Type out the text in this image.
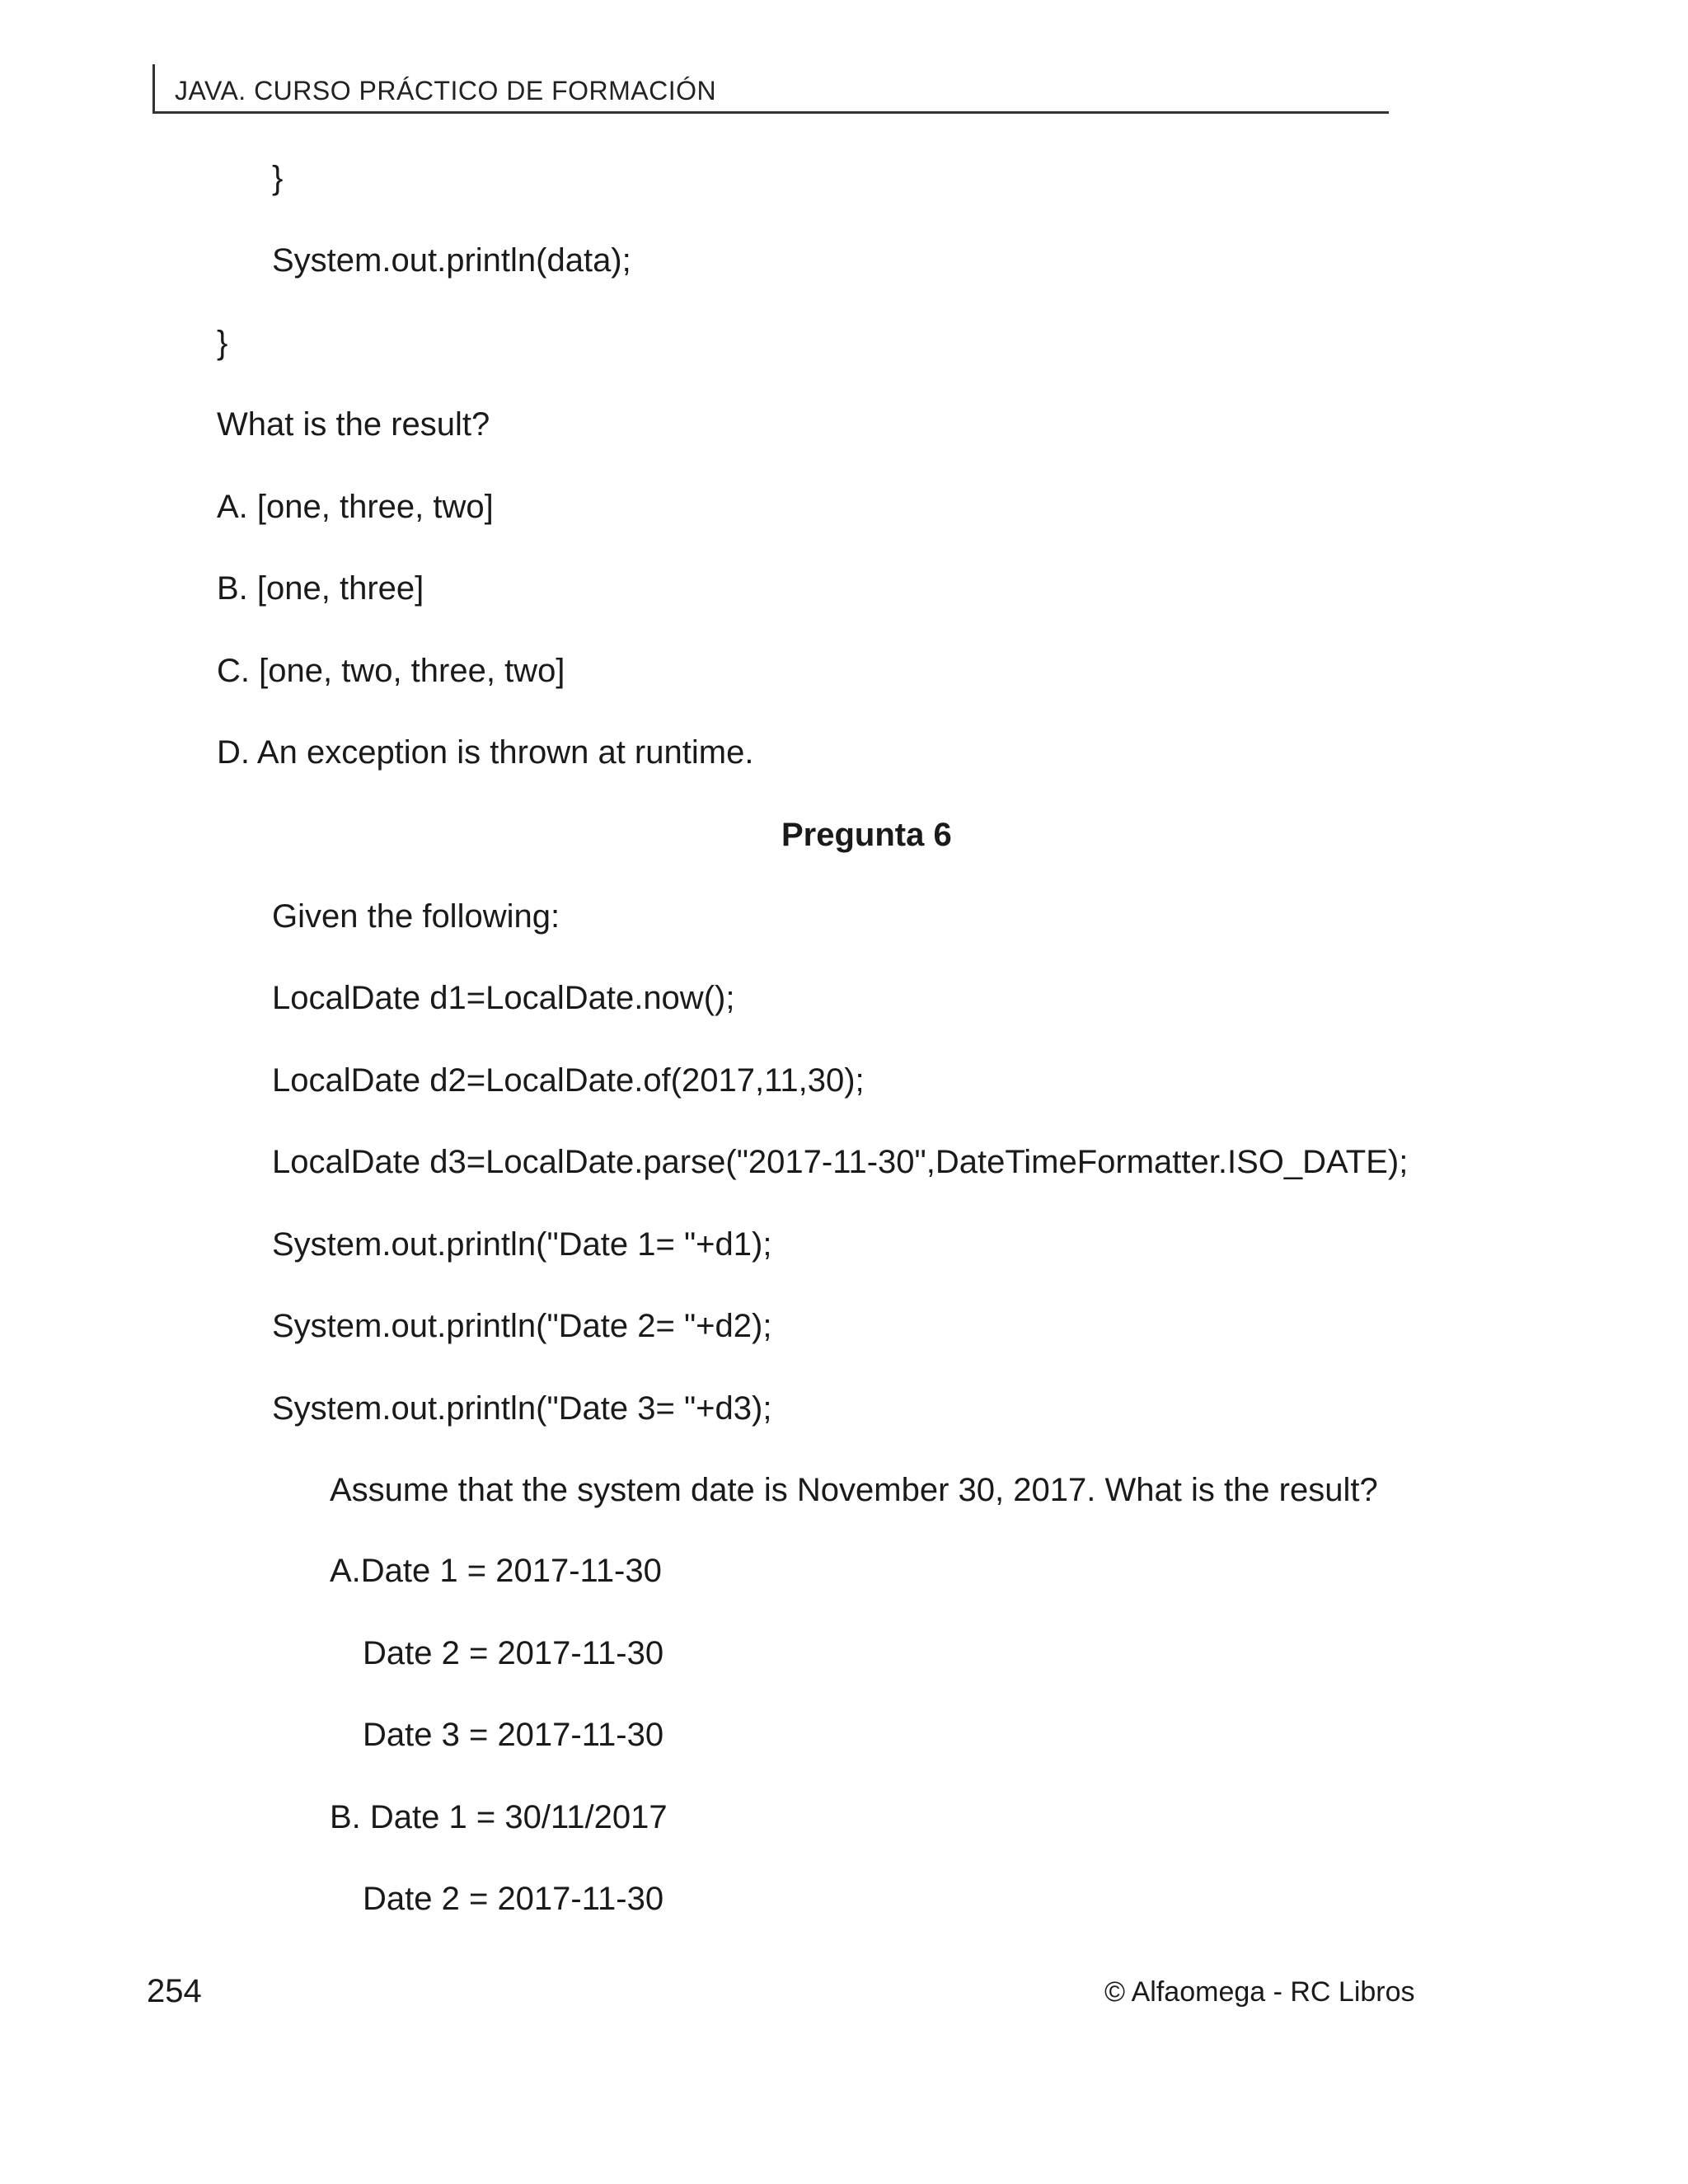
JAVA. CURSO PRÁCTICO DE FORMACIÓN
}
System.out.println(data);
}
What is the result?
A. [one, three, two]
B. [one, three]
C. [one, two, three, two]
D. An exception is thrown at runtime.
Pregunta 6
Given the following:
LocalDate d1=LocalDate.now();
LocalDate d2=LocalDate.of(2017,11,30);
LocalDate d3=LocalDate.parse("2017-11-30",DateTimeFormatter.ISO_DATE);
System.out.println("Date 1= "+d1);
System.out.println("Date 2= "+d2);
System.out.println("Date 3= "+d3);
Assume that the system date is November 30, 2017. What is the result?
A.Date 1 = 2017-11-30
Date 2 = 2017-11-30
Date 3 = 2017-11-30
B. Date 1 = 30/11/2017
Date 2 = 2017-11-30
254	© Alfaomega - RC Libros
